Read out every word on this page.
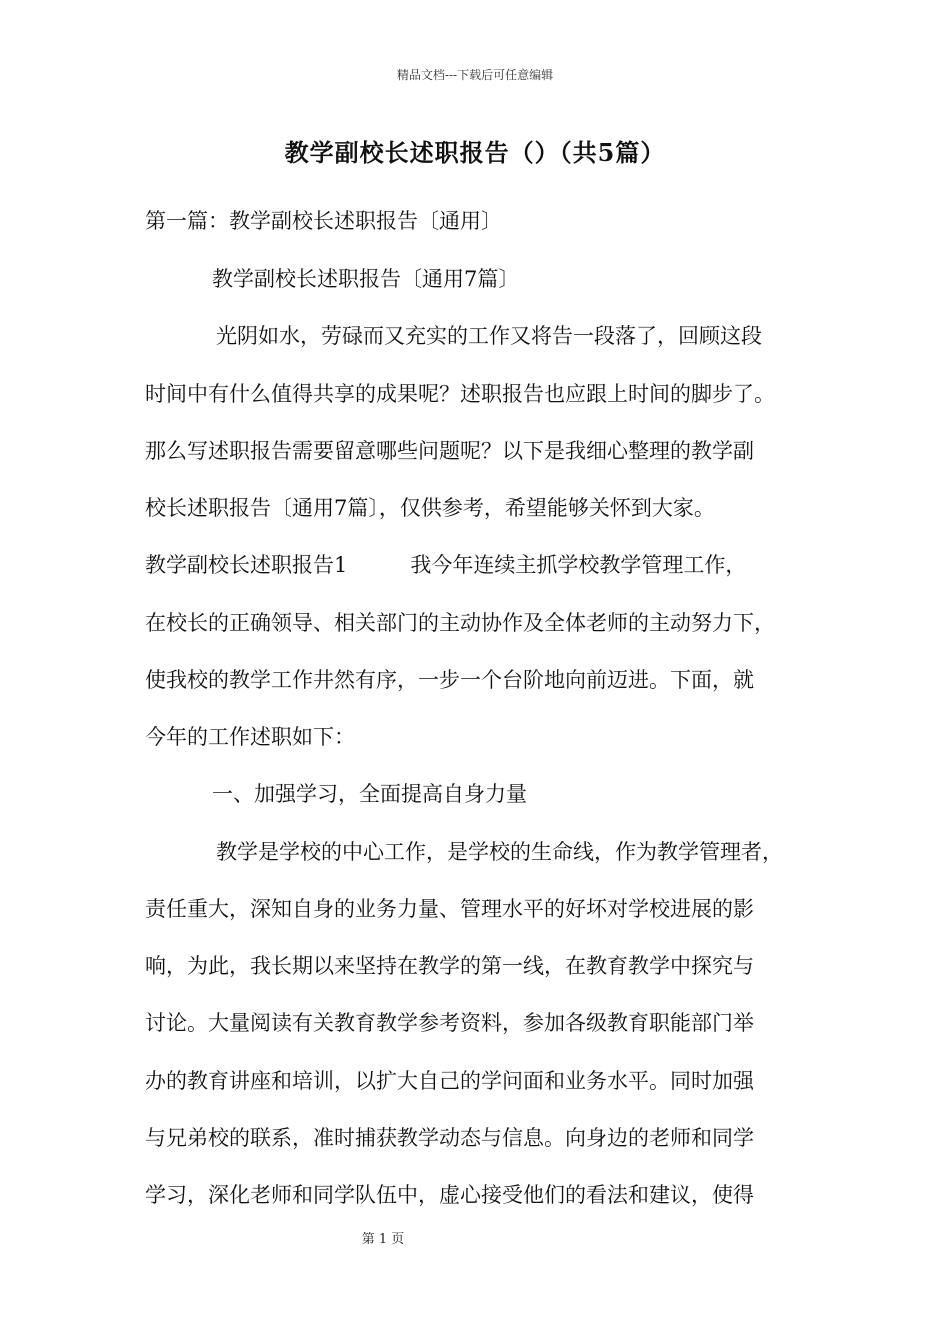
精品文档---下载后可任意编辑
教学副校长述职报告（）（共5篇）
第一篇：教学副校长述职报告〔通用〕
教学副校长述职报告〔通用7篇〕
光阴如水，劳碌而又充实的工作又将告一段落了，回顾这段
时间中有什么值得共享的成果呢？述职报告也应跟上时间的脚步了。
那么写述职报告需要留意哪些问题呢？以下是我细心整理的教学副
校长述职报告〔通用7篇〕，仅供参考，希望能够关怀到大家。
教学副校长述职报告1　　　我今年连续主抓学校教学管理工作，
在校长的正确领导、相关部门的主动协作及全体老师的主动努力下，
使我校的教学工作井然有序，一步一个台阶地向前迈进。下面，就
今年的工作述职如下：
一、加强学习，全面提高自身力量
教学是学校的中心工作，是学校的生命线，作为教学管理者，
责任重大，深知自身的业务力量、管理水平的好坏对学校进展的影
响，为此，我长期以来坚持在教学的第一线，在教育教学中探究与
讨论。大量阅读有关教育教学参考资料，参加各级教育职能部门举
办的教育讲座和培训，以扩大自己的学问面和业务水平。同时加强
与兄弟校的联系，准时捕获教学动态与信息。向身边的老师和同学
学习，深化老师和同学队伍中，虚心接受他们的看法和建议，使得
第 1 页
